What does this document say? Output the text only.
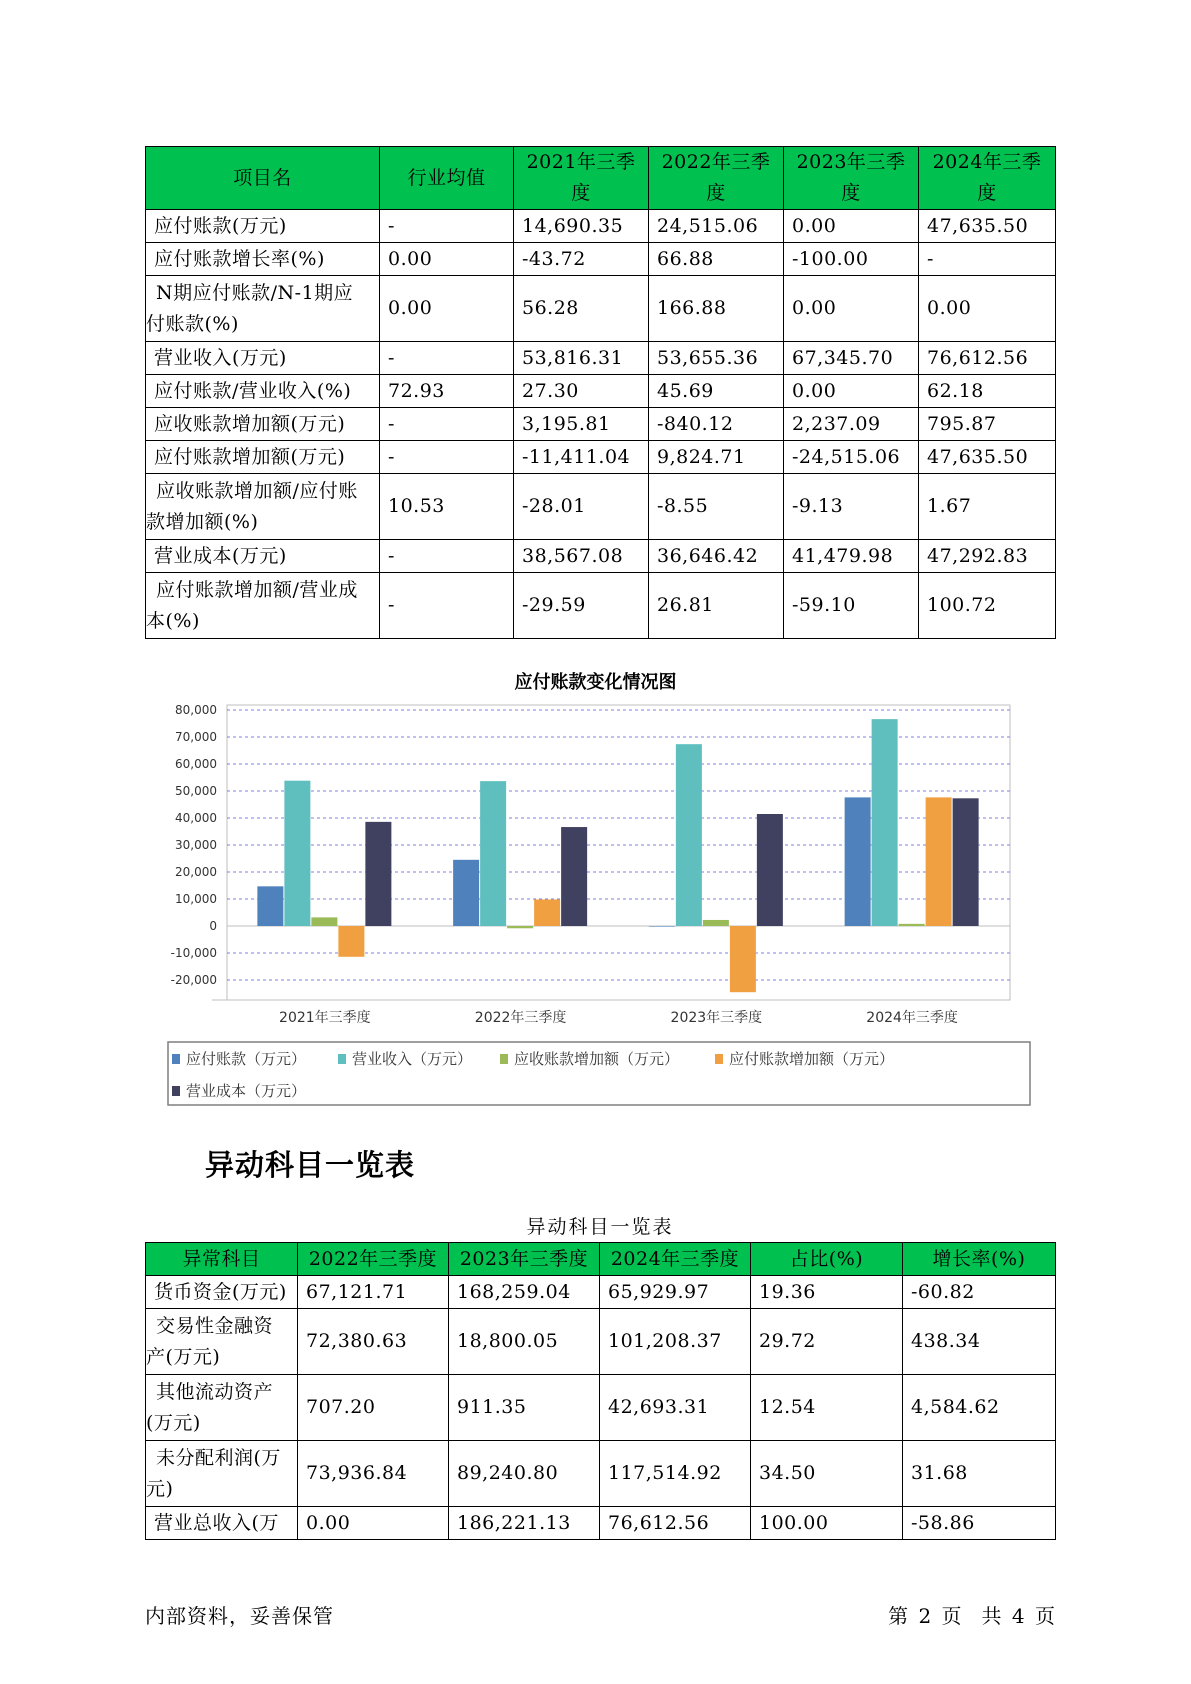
项目名	行业均值	2021年三季度	2022年三季度	2023年三季度	2024年三季度
应付账款(万元)	-	14,690.35	24,515.06	0.00	47,635.50
应付账款增长率(%)	0.00	-43.72	66.88	-100.00	-
N期应付账款/N-1期应付账款(%)	0.00	56.28	166.88	0.00	0.00
营业收入(万元)	-	53,816.31	53,655.36	67,345.70	76,612.56
应付账款/营业收入(%)	72.93	27.30	45.69	0.00	62.18
应收账款增加额(万元)	-	3,195.81	-840.12	2,237.09	795.87
应付账款增加额(万元)	-	-11,411.04	9,824.71	-24,515.06	47,635.50
应收账款增加额/应付账款增加额(%)	10.53	-28.01	-8.55	-9.13	1.67
营业成本(万元)	-	38,567.08	36,646.42	41,479.98	47,292.83
应付账款增加额/营业成本(%)	-	-29.59	26.81	-59.10	100.72
应付账款变化情况图
80,000
70,000
60,000
50,000
40,000
30,000
20,000
10,000
0
-10,000
-20,000
2021年三季度	2022年三季度	2023年三季度	2024年三季度
应付账款（万元）	营业收入（万元）	应收账款增加额（万元）	应付账款增加额（万元）
营业成本（万元）
异动科目一览表
异动科目一览表
异常科目	2022年三季度	2023年三季度	2024年三季度	占比(%)	增长率(%)
货币资金(万元)	67,121.71	168,259.04	65,929.97	19.36	-60.82
交易性金融资产(万元)	72,380.63	18,800.05	101,208.37	29.72	438.34
其他流动资产(万元)	707.20	911.35	42,693.31	12.54	4,584.62
未分配利润(万元)	73,936.84	89,240.80	117,514.92	34.50	31.68
营业总收入(万	0.00	186,221.13	76,612.56	100.00	-58.86
内部资料，妥善保管	第 2 页　共 4 页
